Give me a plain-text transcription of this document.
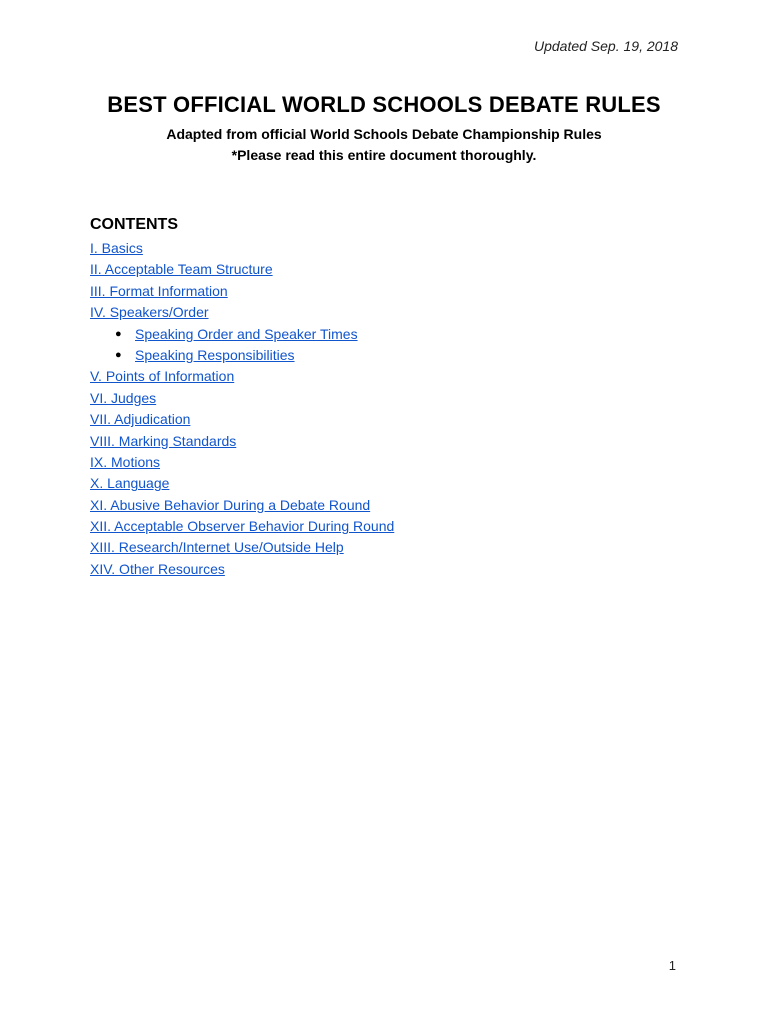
Updated Sep. 19, 2018
BEST OFFICIAL WORLD SCHOOLS DEBATE RULES
Adapted from official World Schools Debate Championship Rules
*Please read this entire document thoroughly.
CONTENTS
I. Basics
II. Acceptable Team Structure
III. Format Information
IV. Speakers/Order
● Speaking Order and Speaker Times
● Speaking Responsibilities
V. Points of Information
VI. Judges
VII. Adjudication
VIII. Marking Standards
IX. Motions
X. Language
XI. Abusive Behavior During a Debate Round
XII. Acceptable Observer Behavior During Round
XIII. Research/Internet Use/Outside Help
XIV. Other Resources
1
